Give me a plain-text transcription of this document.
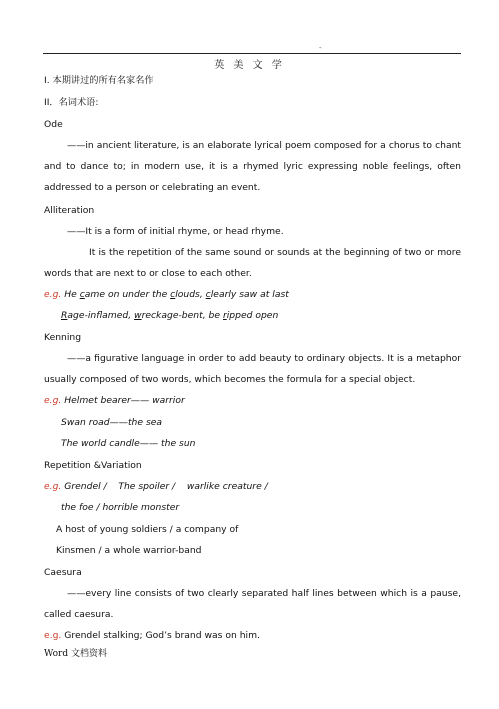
-
英 美 文 学
I. 本期讲过的所有名家名作
II．名词术语:
Ode
——in ancient literature, is an elaborate lyrical poem composed for a chorus to chant
and to dance to; in modern use, it is a rhymed lyric expressing noble feelings, often
addressed to a person or celebrating an event.
Alliteration
——It is a form of initial rhyme, or head rhyme.
It is the repetition of the same sound or sounds at the beginning of two or more
words that are next to or close to each other.
e.g. He came on under the clouds, clearly saw at last
Rage-inflamed, wreckage-bent, be ripped open
Kenning
——a figurative language in order to add beauty to ordinary objects. It is a metaphor
usually composed of two words, which becomes the formula for a special object.
e.g. Helmet bearer—— warrior
Swan road——the sea
The world candle—— the sun
Repetition &Variation
e.g. Grendel /    The spoiler /    warlike creature /
the foe / horrible monster
A host of young soldiers / a company of
Kinsmen / a whole warrior-band
Caesura
——every line consists of two clearly separated half lines between which is a pause,
called caesura.
e.g. Grendel stalking; God’s brand was on him.
Word 文档资料
